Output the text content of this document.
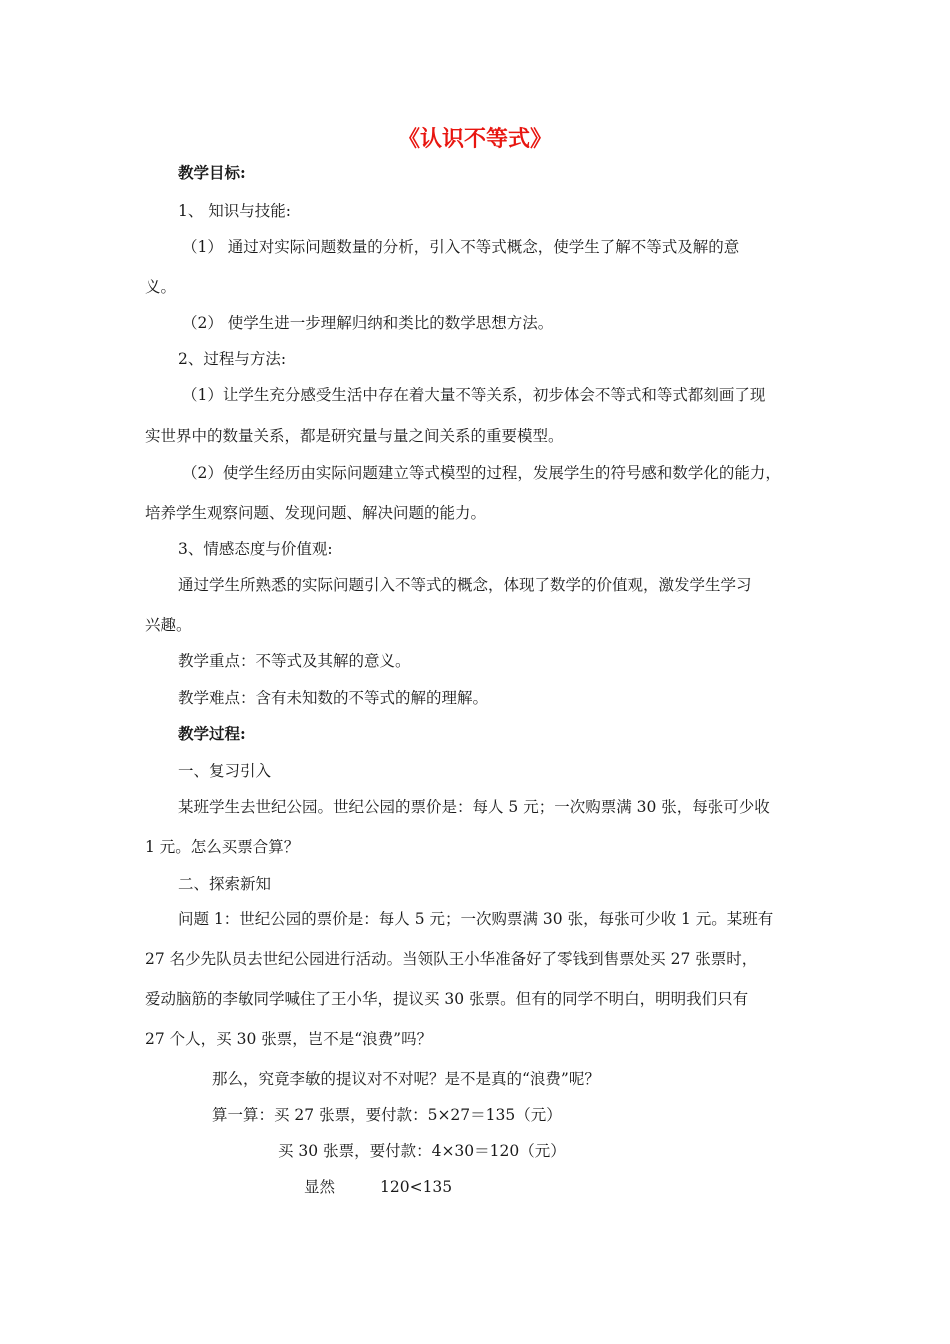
《认识不等式》
教学目标:
1、 知识与技能:
（1） 通过对实际问题数量的分析，引入不等式概念，使学生了解不等式及解的意
义。
（2） 使学生进一步理解归纳和类比的数学思想方法。
2、过程与方法:
（1）让学生充分感受生活中存在着大量不等关系，初步体会不等式和等式都刻画了现
实世界中的数量关系，都是研究量与量之间关系的重要模型。
（2）使学生经历由实际问题建立等式模型的过程，发展学生的符号感和数学化的能力，
培养学生观察问题、发现问题、解决问题的能力。
3、情感态度与价值观:
通过学生所熟悉的实际问题引入不等式的概念，体现了数学的价值观，激发学生学习
兴趣。
教学重点：不等式及其解的意义。
教学难点：含有未知数的不等式的解的理解。
教学过程:
一、复习引入
某班学生去世纪公园。世纪公园的票价是：每人 5 元；一次购票满 30 张，每张可少收
1 元。怎么买票合算？
二、探索新知
问题 1：世纪公园的票价是：每人 5 元；一次购票满 30 张，每张可少收 1 元。某班有
27 名少先队员去世纪公园进行活动。当领队王小华准备好了零钱到售票处买 27 张票时，
爱动脑筋的李敏同学喊住了王小华，提议买 30 张票。但有的同学不明白，明明我们只有
27 个人，买 30 张票，岂不是“浪费”吗？
那么，究竟李敏的提议对不对呢？是不是真的“浪费”呢？
算一算：买 27 张票，要付款：5×27＝135（元）
买 30 张票，要付款：4×30＝120（元）
显然	120<135
